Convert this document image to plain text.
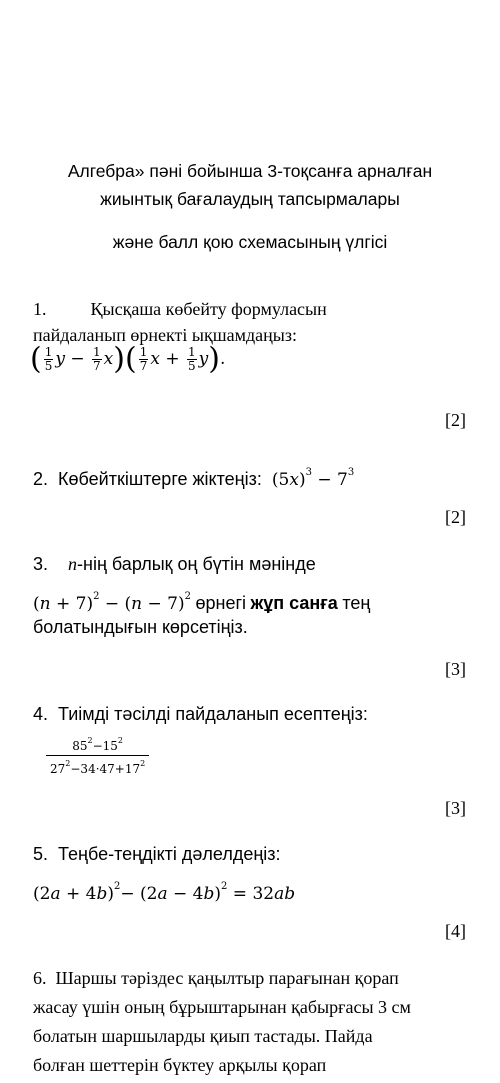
Алгебра» пәні бойынша 3-тоқсанға арналған
жиынтық бағалаудың тапсырмалары
және балл қою схемасының үлгісі
1. Қысқаша көбейту формуласын
пайдаланып өрнекті ықшамдаңыз:
( $\frac{1}{5}$ $y - \frac{1}{7} x)( \frac{1}{7}$ $x + \frac{1}{5} y$).
[2]
2. Көбейткіштерге жіктеңіз: $(5x)^3 - 7^3$
[2]
3. n-нің барлық оң бүтін мәнінде
$(n + 7)^2 - (n - 7)^2$ өрнегі жұп санға тең
болатындығын көрсетіңіз.
[3]
4. Тиімді тәсілді пайдаланып есептеңіз:
$85^2-15^2$
$27^2-34\cdot 47+17^2$
[3]
5. Теңбе-теңдікті дәлелдеңіз:
$(2a + 4b)^2- (2a - 4b)^2 = 32ab$
[4]
6. Шаршы тәріздес қаңылтыр парағынан қорап
жасау үшін оның бұрыштарынан қабырғасы 3 см
болатын шаршыларды қиып тастады. Пайда
болған шеттерін бүктеу арқылы қорап
